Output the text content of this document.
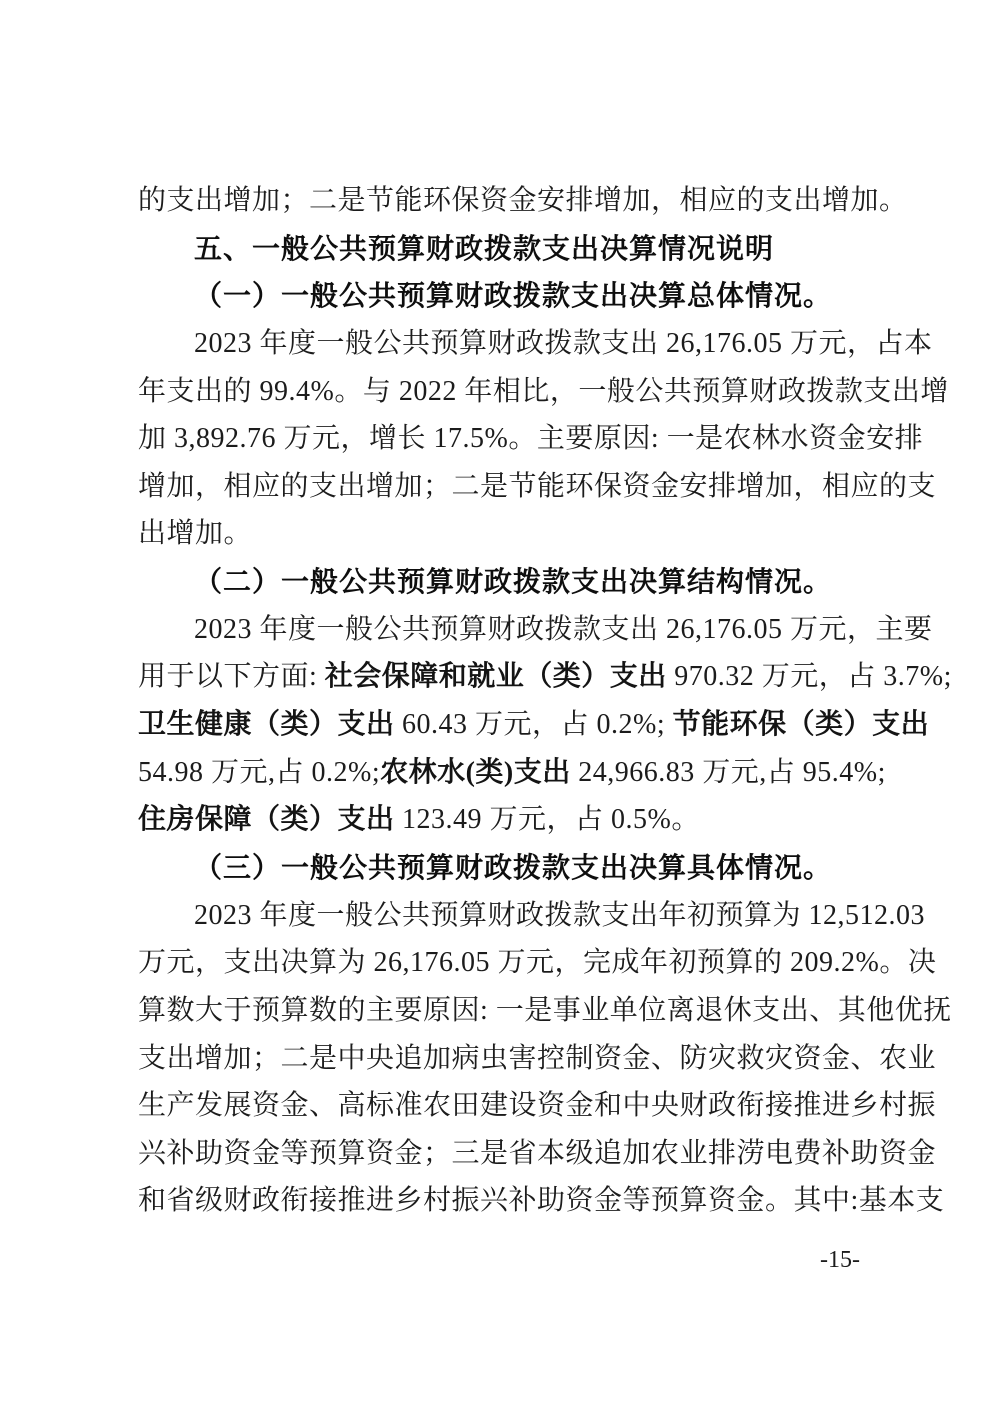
的支出增加；二是节能环保资金安排增加，相应的支出增加。
五、一般公共预算财政拨款支出决算情况说明
（一）一般公共预算财政拨款支出决算总体情况。
2023 年度一般公共预算财政拨款支出 26,176.05 万元，占本
年支出的 99.4%。与 2022 年相比，一般公共预算财政拨款支出增
加 3,892.76 万元，增长 17.5%。主要原因: 一是农林水资金安排
增加，相应的支出增加；二是节能环保资金安排增加，相应的支
出增加。
（二）一般公共预算财政拨款支出决算结构情况。
2023 年度一般公共预算财政拨款支出 26,176.05 万元，主要
用于以下方面: 社会保障和就业（类）支出 970.32 万元，占 3.7%;
卫生健康（类）支出 60.43 万元，占 0.2%; 节能环保（类）支出
54.98 万元,占 0.2%;农林水(类)支出 24,966.83 万元,占 95.4%;
住房保障（类）支出 123.49 万元，占 0.5%。
（三）一般公共预算财政拨款支出决算具体情况。
2023 年度一般公共预算财政拨款支出年初预算为 12,512.03
万元，支出决算为 26,176.05 万元，完成年初预算的 209.2%。决
算数大于预算数的主要原因: 一是事业单位离退休支出、其他优抚
支出增加；二是中央追加病虫害控制资金、防灾救灾资金、农业
生产发展资金、高标准农田建设资金和中央财政衔接推进乡村振
兴补助资金等预算资金；三是省本级追加农业排涝电费补助资金
和省级财政衔接推进乡村振兴补助资金等预算资金。其中:基本支
-15-
